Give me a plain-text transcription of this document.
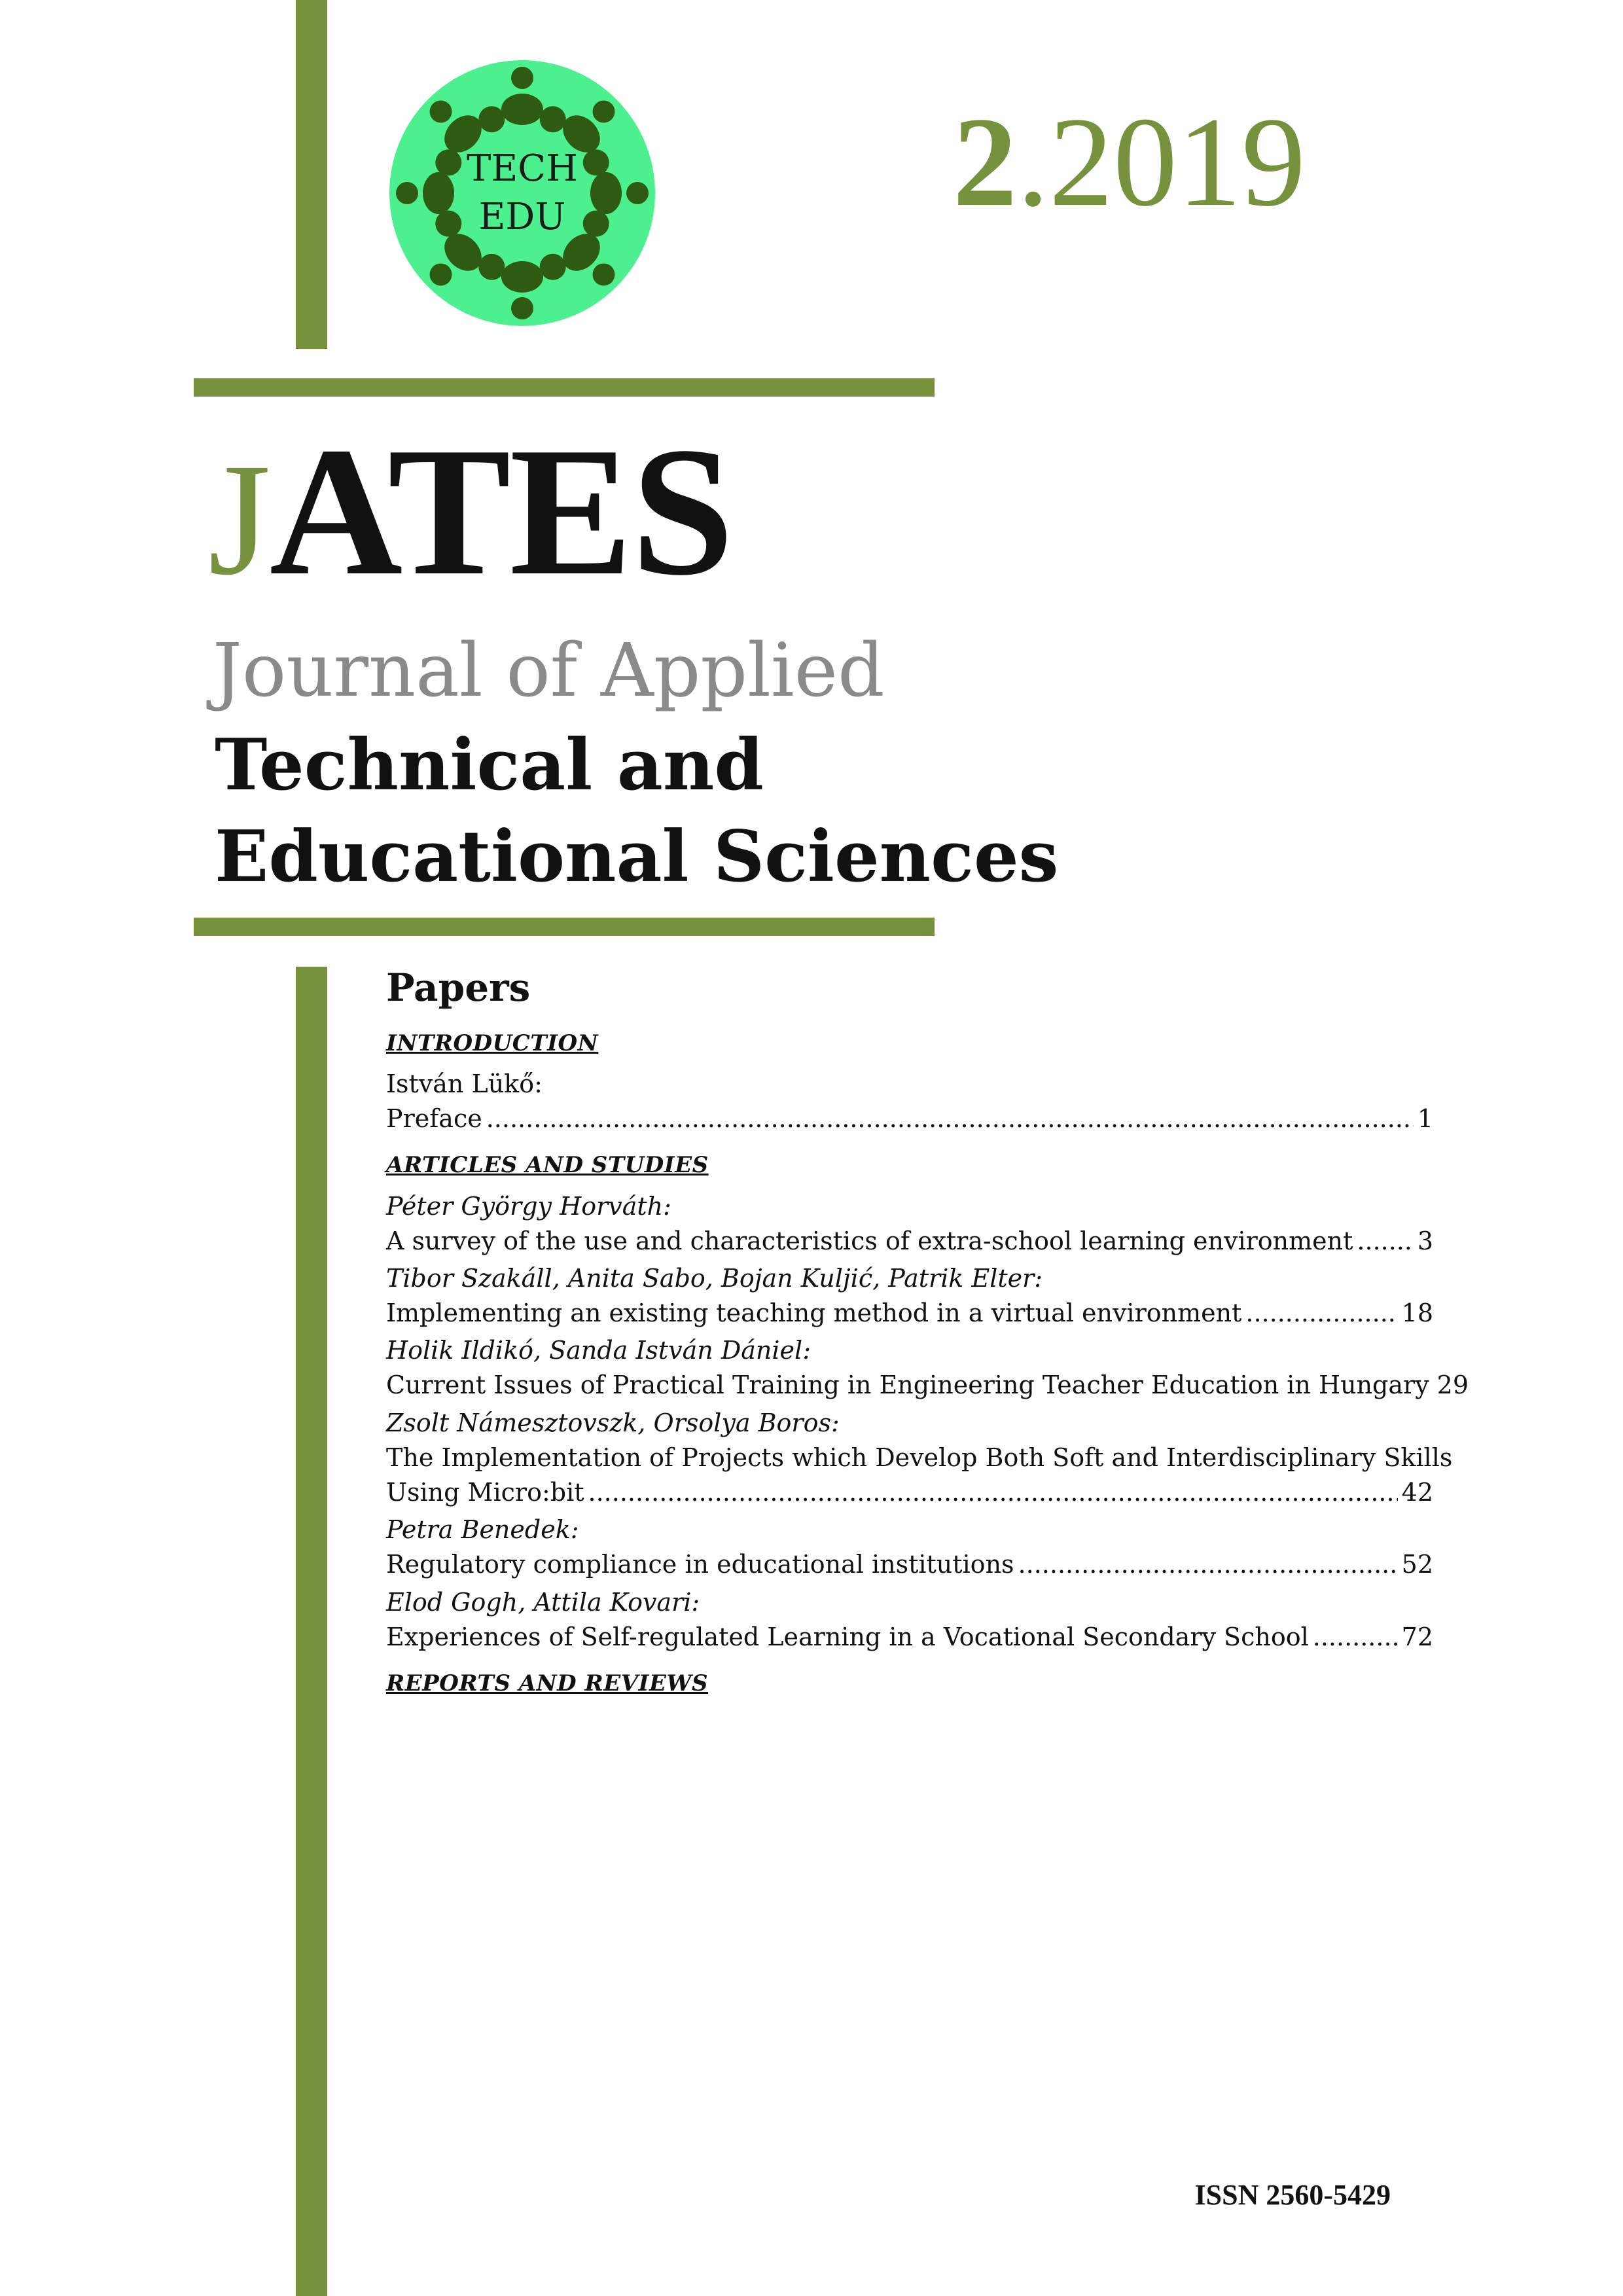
TECH
EDU	2.2019
JATES
Journal of Applied
Technical and
Educational Sciences
Papers
INTRODUCTION
István Lükő:
Preface .....	1
ARTICLES AND STUDIES
Péter György Horváth:
A survey of the use and characteristics of extra-school learning environment .....	3
Tibor Szakáll, Anita Sabo, Bojan Kuljić, Patrik Elter:
Implementing an existing teaching method in a virtual environment .....	18
Holik Ildikó, Sanda István Dániel:
Current Issues of Practical Training in Engineering Teacher Education in Hungary 29
Zsolt Námesztovszk, Orsolya Boros:
The Implementation of Projects which Develop Both Soft and Interdisciplinary Skills
Using Micro:bit .....	42
Petra Benedek:
Regulatory compliance in educational institutions .....	52
Elod Gogh, Attila Kovari:
Experiences of Self-regulated Learning in a Vocational Secondary School .....	72
REPORTS AND REVIEWS
ISSN 2560-5429
